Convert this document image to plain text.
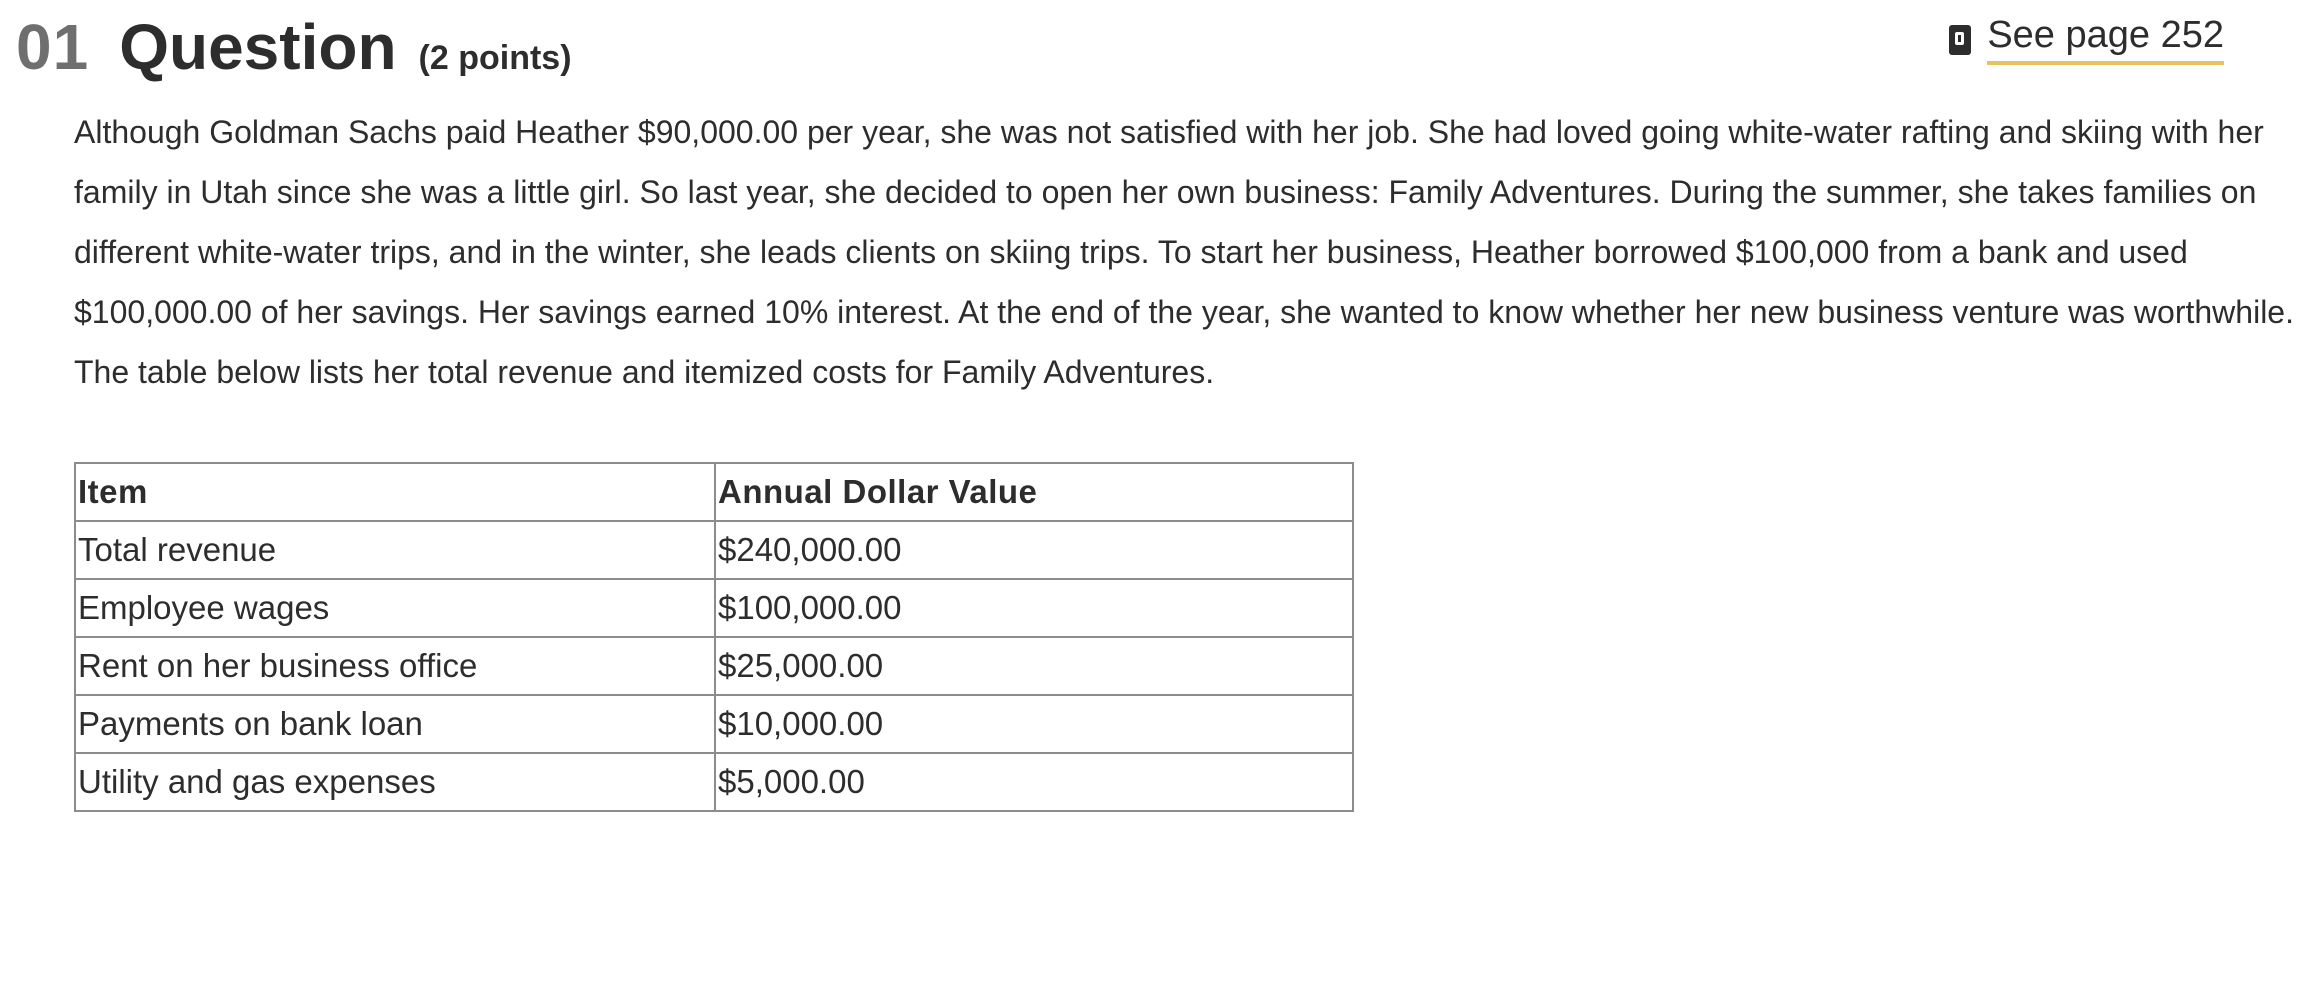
01 Question (2 points)
See page 252

Although Goldman Sachs paid Heather $90,000.00 per year, she was not satisfied with her job. She had loved going white-water rafting and skiing with her family in Utah since she was a little girl. So last year, she decided to open her own business: Family Adventures. During the summer, she takes families on different white-water trips, and in the winter, she leads clients on skiing trips. To start her business, Heather borrowed $100,000 from a bank and used $100,000.00 of her savings. Her savings earned 10% interest. At the end of the year, she wanted to know whether her new business venture was worthwhile. The table below lists her total revenue and itemized costs for Family Adventures.

Item	Annual Dollar Value
Total revenue	$240,000.00
Employee wages	$100,000.00
Rent on her business office	$25,000.00
Payments on bank loan	$10,000.00
Utility and gas expenses	$5,000.00
